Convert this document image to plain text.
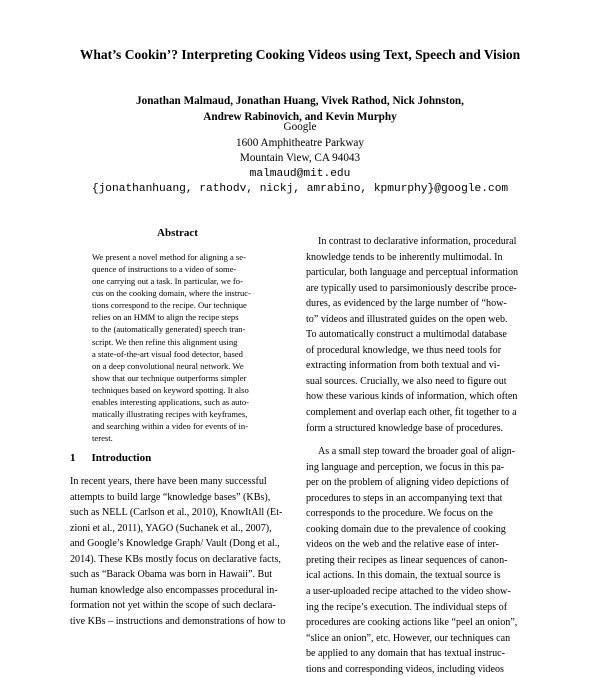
What’s Cookin’? Interpreting Cooking Videos using Text, Speech and Vision
Jonathan Malmaud, Jonathan Huang, Vivek Rathod, Nick Johnston,
Andrew Rabinovich, and Kevin Murphy
Google
1600 Amphitheatre Parkway
Mountain View, CA 94043
malmaud@mit.edu
{jonathanhuang, rathodv, nickj, amrabino, kpmurphy}@google.com
Abstract
We present a novel method for aligning a se-
quence of instructions to a video of some-
one carrying out a task. In particular, we fo-
cus on the cooking domain, where the instruc-
tions correspond to the recipe. Our technique
relies on an HMM to align the recipe steps
to the (automatically generated) speech tran-
script. We then refine this alignment using
a state-of-the-art visual food detector, based
on a deep convolutional neural network. We
show that our technique outperforms simpler
techniques based on keyword spotting. It also
enables interesting applications, such as auto-
matically illustrating recipes with keyframes,
and searching within a video for events of in-
terest.
1 Introduction
In recent years, there have been many successful
attempts to build large “knowledge bases” (KBs),
such as NELL (Carlson et al., 2010), KnowItAll (Et-
zioni et al., 2011), YAGO (Suchanek et al., 2007),
and Google’s Knowledge Graph/ Vault (Dong et al.,
2014). These KBs mostly focus on declarative facts,
such as “Barack Obama was born in Hawaii”. But
human knowledge also encompasses procedural in-
formation not yet within the scope of such declara-
tive KBs – instructions and demonstrations of how to
In contrast to declarative information, procedural
knowledge tends to be inherently multimodal. In
particular, both language and perceptual information
are typically used to parsimoniously describe proce-
dures, as evidenced by the large number of “how-
to” videos and illustrated guides on the open web.
To automatically construct a multimodal database
of procedural knowledge, we thus need tools for
extracting information from both textual and vi-
sual sources. Crucially, we also need to figure out
how these various kinds of information, which often
complement and overlap each other, fit together to a
form a structured knowledge base of procedures.
As a small step toward the broader goal of align-
ing language and perception, we focus in this pa-
per on the problem of aligning video depictions of
procedures to steps in an accompanying text that
corresponds to the procedure. We focus on the
cooking domain due to the prevalence of cooking
videos on the web and the relative ease of inter-
preting their recipes as linear sequences of canon-
ical actions. In this domain, the textual source is
a user-uploaded recipe attached to the video show-
ing the recipe’s execution. The individual steps of
procedures are cooking actions like “peel an onion”,
“slice an onion”, etc. However, our techniques can
be applied to any domain that has textual instruc-
tions and corresponding videos, including videos
